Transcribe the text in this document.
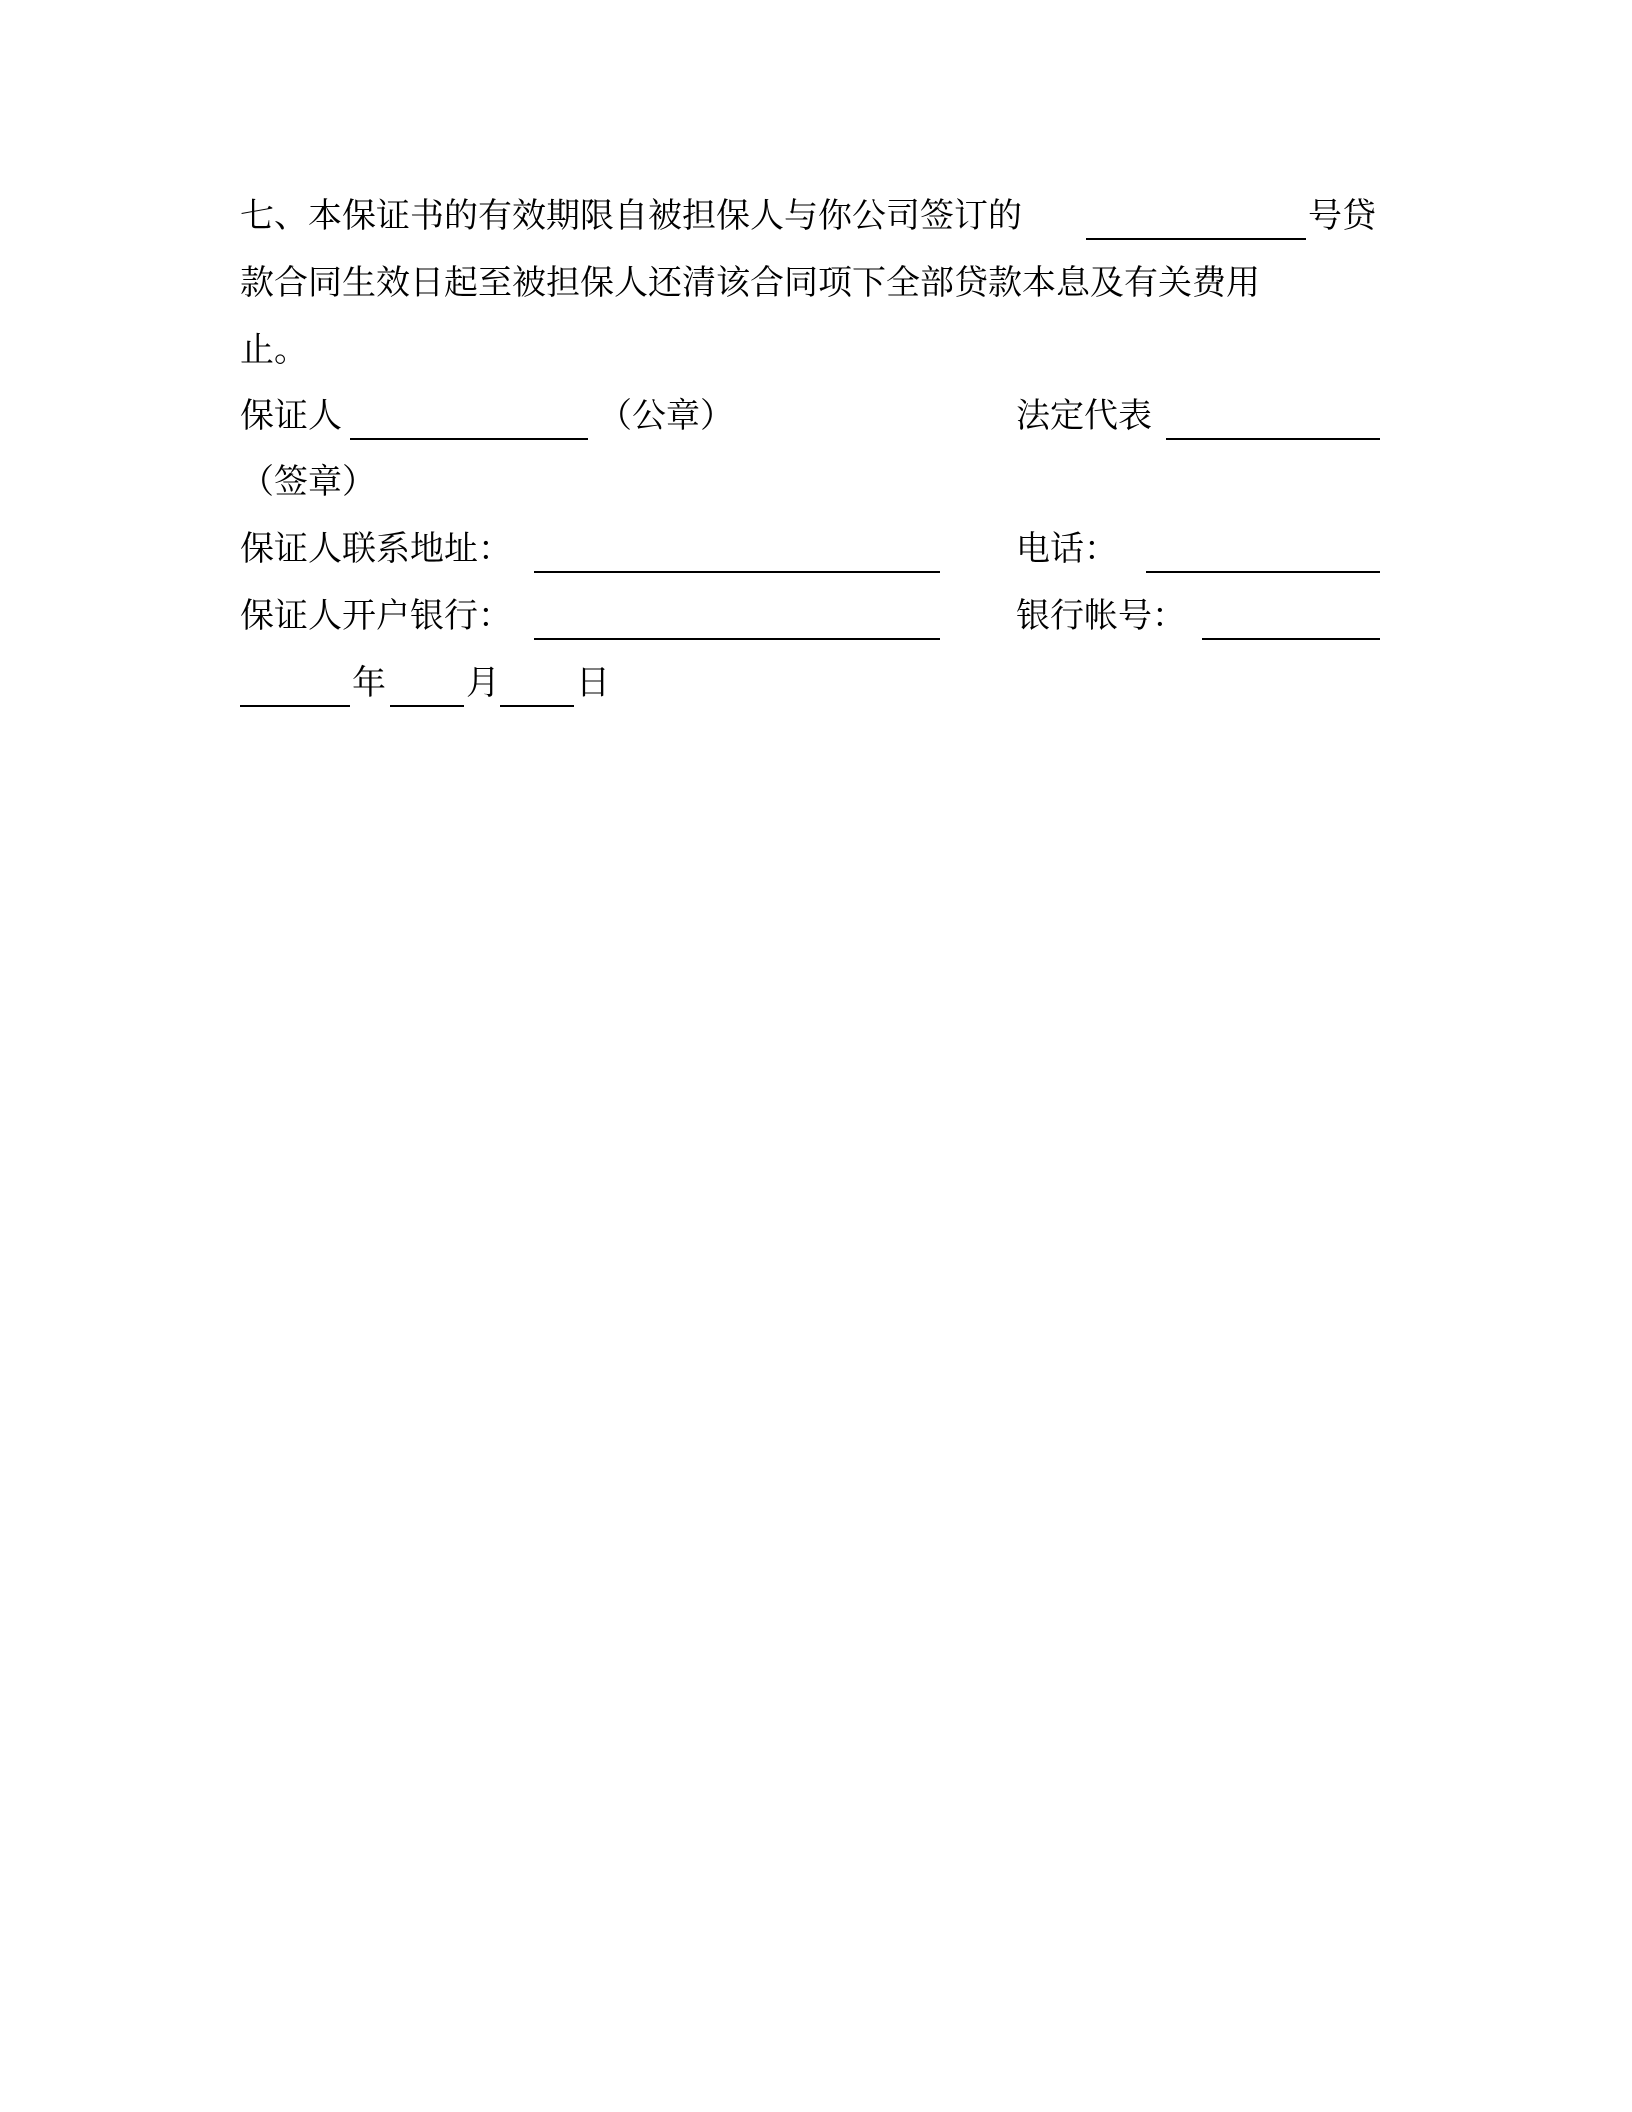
七、本保证书的有效期限自被担保人与你公司签订的	号贷
款合同生效日起至被担保人还清该合同项下全部贷款本息及有关费用
止。
保证人	（公章）	法定代表
（签章）
保证人联系地址：	电话：
保证人开户银行：	银行帐号：
年 月 日
